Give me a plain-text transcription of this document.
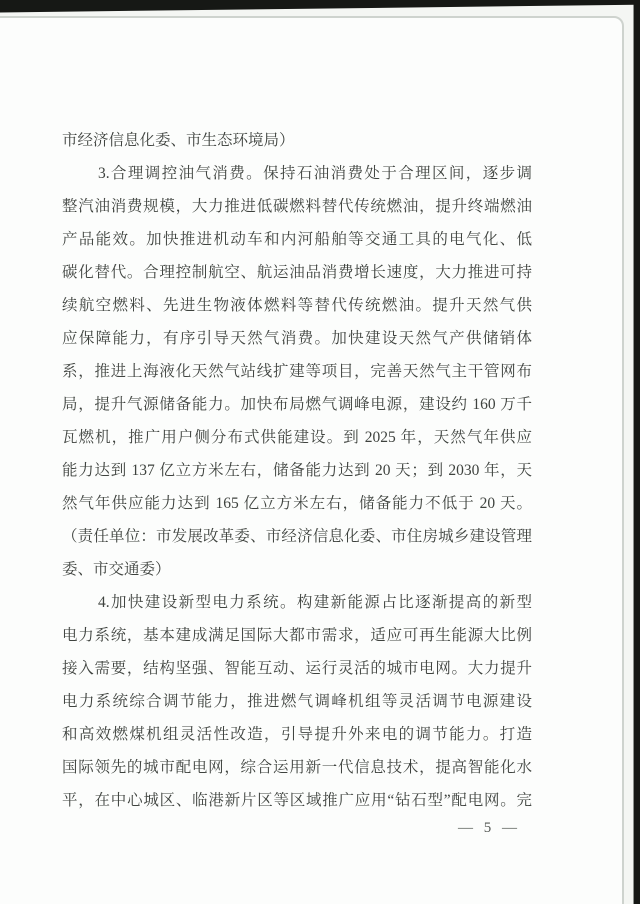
市经济信息化委、市生态环境局）
3.合理调控油气消费。保持石油消费处于合理区间，逐步调
整汽油消费规模，大力推进低碳燃料替代传统燃油，提升终端燃油
产品能效。加快推进机动车和内河船舶等交通工具的电气化、低
碳化替代。合理控制航空、航运油品消费增长速度，大力推进可持
续航空燃料、先进生物液体燃料等替代传统燃油。提升天然气供
应保障能力，有序引导天然气消费。加快建设天然气产供储销体
系，推进上海液化天然气站线扩建等项目，完善天然气主干管网布
局，提升气源储备能力。加快布局燃气调峰电源，建设约 160 万千
瓦燃机，推广用户侧分布式供能建设。到 2025 年，天然气年供应
能力达到 137 亿立方米左右，储备能力达到 20 天；到 2030 年，天
然气年供应能力达到 165 亿立方米左右，储备能力不低于 20 天。
（责任单位：市发展改革委、市经济信息化委、市住房城乡建设管理
委、市交通委）
4.加快建设新型电力系统。构建新能源占比逐渐提高的新型
电力系统，基本建成满足国际大都市需求，适应可再生能源大比例
接入需要，结构坚强、智能互动、运行灵活的城市电网。大力提升
电力系统综合调节能力，推进燃气调峰机组等灵活调节电源建设
和高效燃煤机组灵活性改造，引导提升外来电的调节能力。打造
国际领先的城市配电网，综合运用新一代信息技术，提高智能化水
平，在中心城区、临港新片区等区域推广应用“钻石型”配电网。完
— 5 —
